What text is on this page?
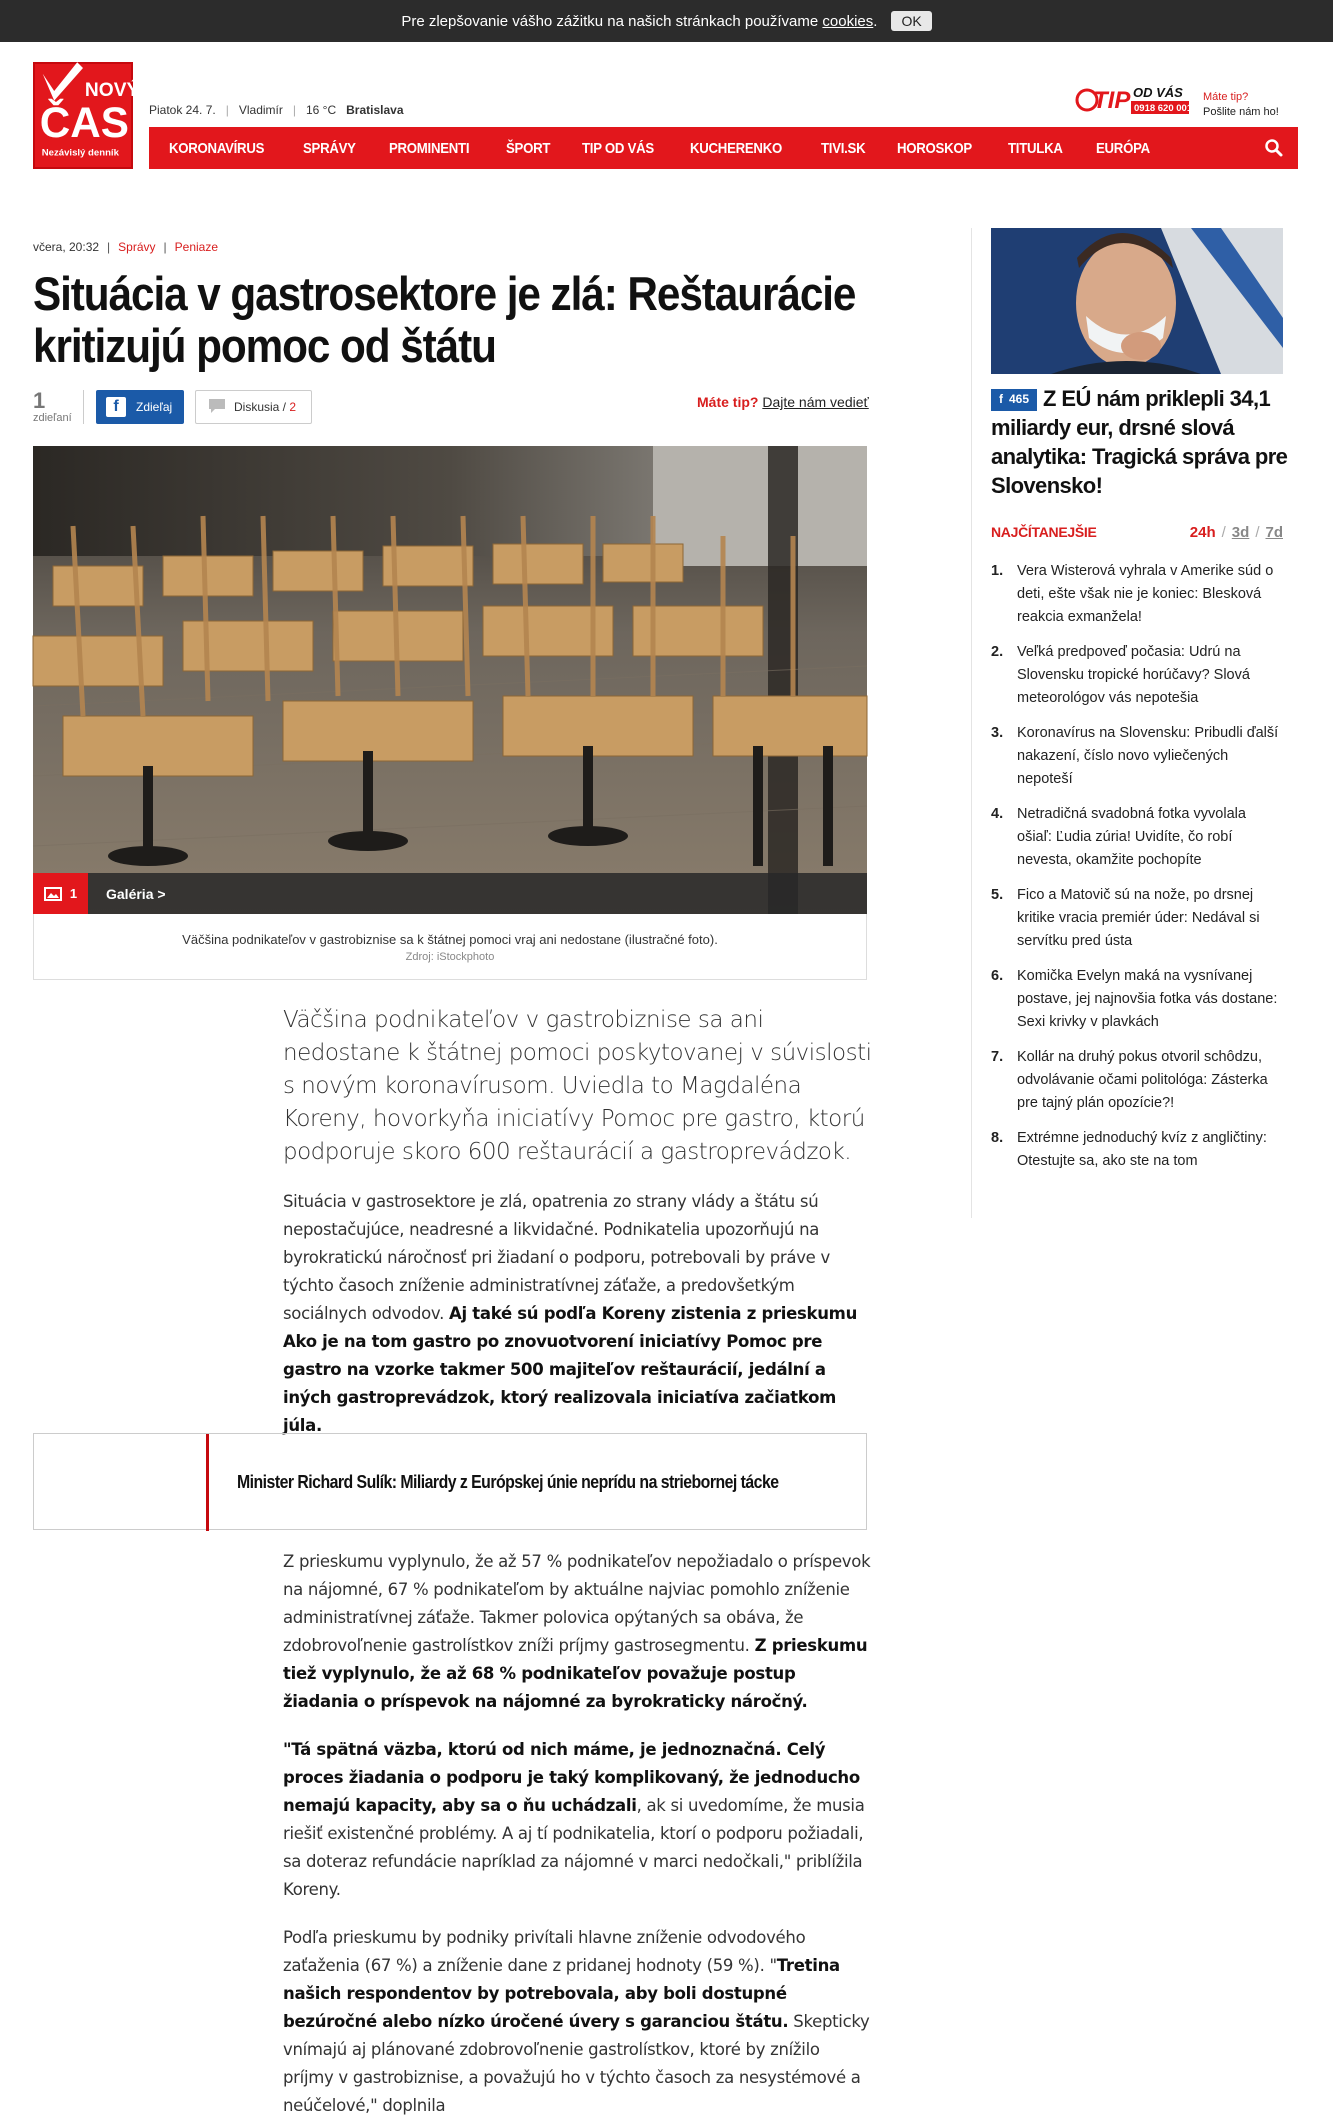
Pre zlepšovanie vášho zážitku na našich stránkach používame cookies.	OK
NOVÝ
ČAS
Nezávislý denník
Piatok 24. 7. | Vladimír | 16 °C Bratislava	TIP OD VÁS
0918 620 001
Máte tip?
Pošlite nám ho!
KORONAVÍRUS	SPRÁVY PROMINENTI ŠPORT TIP OD VÁS KUCHERENKO	TIVI.SK HOROSKOP TITULKA EURÓPA
včera, 20:32 | Správy | Peniaze
Situácia v gastrosektore je zlá: Reštaurácie kritizujú pomoc od štátu
1
zdieľaní
f	Zdieľaj	Diskusia / 2	Máte tip? Dajte nám vedieť
1 Galéria >
Väčšina podnikateľov v gastrobiznise sa k štátnej pomoci vraj ani nedostane (ilustračné foto).
Zdroj: iStockphoto

Väčšina podnikateľov v gastrobiznise sa ani nedostane k štátnej pomoci poskytovanej v súvislosti s novým koronavírusom. Uviedla to Magdaléna Koreny, hovorkyňa iniciatívy Pomoc pre gastro, ktorú podporuje skoro 600 reštaurácií a gastroprevádzok.

Situácia v gastrosektore je zlá, opatrenia zo strany vlády a štátu sú nepostačujúce, neadresné a likvidačné. Podnikatelia upozorňujú na byrokratickú náročnosť pri žiadaní o podporu, potrebovali by práve v týchto časoch zníženie administratívnej záťaže, a predovšetkým sociálnych odvodov. Aj také sú podľa Koreny zistenia z prieskumu Ako je na tom gastro po znovuotvorení iniciatívy Pomoc pre gastro na vzorke takmer 500 majiteľov reštaurácií, jedální a iných gastroprevádzok, ktorý realizovala iniciatíva začiatkom júla.

Minister Richard Sulík: Miliardy z Európskej únie neprídu na striebornej tácke

Z prieskumu vyplynulo, že až 57 % podnikateľov nepožiadalo o príspevok na nájomné, 67 % podnikateľom by aktuálne najviac pomohlo zníženie administratívnej záťaže. Takmer polovica opýtaných sa obáva, že zdobrovoľnenie gastrolístkov zníži príjmy gastrosegmentu. Z prieskumu tiež vyplynulo, že až 68 % podnikateľov považuje postup žiadania o príspevok na nájomné za byrokraticky náročný.

"Tá spätná väzba, ktorú od nich máme, je jednoznačná. Celý proces žiadania o podporu je taký komplikovaný, že jednoducho nemajú kapacity, aby sa o ňu uchádzali, ak si uvedomíme, že musia riešiť existenčné problémy. A aj tí podnikatelia, ktorí o podporu požiadali, sa doteraz refundácie napríklad za nájomné v marci nedočkali," priblížila Koreny.

Podľa prieskumu by podniky privítali hlavne zníženie odvodového zaťaženia (67 %) a zníženie dane z pridanej hodnoty (59 %). "Tretina našich respondentov by potrebovala, aby boli dostupné bezúročné alebo nízko úročené úvery s garanciou štátu. Skepticky vnímajú aj plánované zdobrovoľnenie gastrolístkov, ktoré by znížilo príjmy v gastrobiznise, a považujú ho v týchto časoch za nesystémové a neúčelové," doplnila

f 465 Z EÚ nám priklepli 34,1 miliardy eur, drsné slová analytika: Tragická správa pre Slovensko!
NAJČÍTANEJŠIE	24h / 3d / 7d
1. Vera Wisterová vyhrala v Amerike súd o deti, ešte však nie je koniec: Blesková reakcia exmanžela!
2. Veľká predpoveď počasia: Udrú na Slovensku tropické horúčavy? Slová meteorológov vás nepotešia
3. Koronavírus na Slovensku: Pribudli ďalší nakazení, číslo novo vyliečených nepoteší
4. Netradičná svadobná fotka vyvolala ošiaľ: Ľudia zúria! Uvidíte, čo robí nevesta, okamžite pochopíte
5. Fico a Matovič sú na nože, po drsnej kritike vracia premiér úder: Nedával si servítku pred ústa
6. Komička Evelyn maká na vysnívanej postave, jej najnovšia fotka vás dostane: Sexi krivky v plavkách
7. Kollár na druhý pokus otvoril schôdzu, odvolávanie očami politológa: Zásterka pre tajný plán opozície?!
8. Extrémne jednoduchý kvíz z angličtiny: Otestujte sa, ako ste na tom
